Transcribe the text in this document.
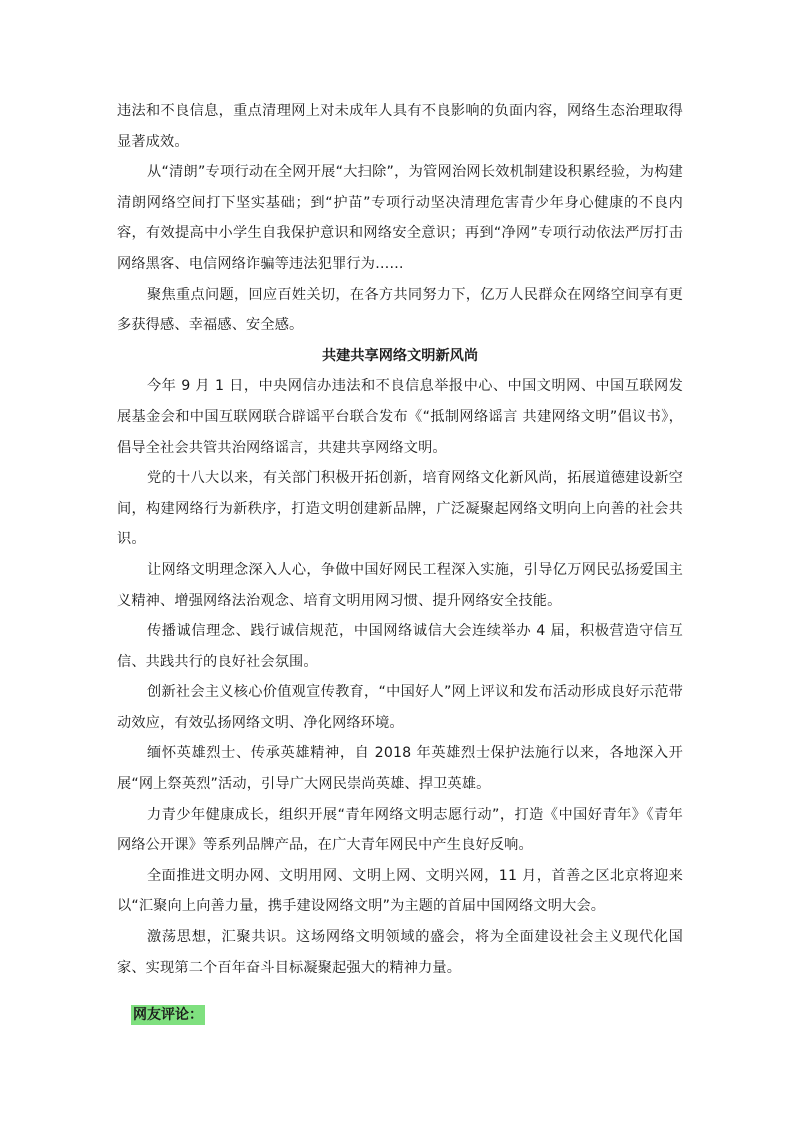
违法和不良信息，重点清理网上对未成年人具有不良影响的负面内容，网络生态治理取得显著成效。

从“清朗”专项行动在全网开展“大扫除”，为管网治网长效机制建设积累经验，为构建清朗网络空间打下坚实基础；到“护苗”专项行动坚决清理危害青少年身心健康的不良内容，有效提高中小学生自我保护意识和网络安全意识；再到“净网”专项行动依法严厉打击网络黑客、电信网络诈骗等违法犯罪行为……

聚焦重点问题，回应百姓关切，在各方共同努力下，亿万人民群众在网络空间享有更多获得感、幸福感、安全感。

共建共享网络文明新风尚

今年 9 月 1 日，中央网信办违法和不良信息举报中心、中国文明网、中国互联网发展基金会和中国互联网联合辟谣平台联合发布《“抵制网络谣言 共建网络文明”倡议书》，倡导全社会共管共治网络谣言，共建共享网络文明。

党的十八大以来，有关部门积极开拓创新，培育网络文化新风尚，拓展道德建设新空间，构建网络行为新秩序，打造文明创建新品牌，广泛凝聚起网络文明向上向善的社会共识。

让网络文明理念深入人心，争做中国好网民工程深入实施，引导亿万网民弘扬爱国主义精神、增强网络法治观念、培育文明用网习惯、提升网络安全技能。

传播诚信理念、践行诚信规范，中国网络诚信大会连续举办 4 届，积极营造守信互信、共践共行的良好社会氛围。

创新社会主义核心价值观宣传教育，“中国好人”网上评议和发布活动形成良好示范带动效应，有效弘扬网络文明、净化网络环境。

缅怀英雄烈士、传承英雄精神，自 2018 年英雄烈士保护法施行以来，各地深入开展“网上祭英烈”活动，引导广大网民崇尚英雄、捍卫英雄。

力青少年健康成长，组织开展“青年网络文明志愿行动”，打造《中国好青年》《青年网络公开课》等系列品牌产品，在广大青年网民中产生良好反响。

全面推进文明办网、文明用网、文明上网、文明兴网，11 月，首善之区北京将迎来以“汇聚向上向善力量，携手建设网络文明”为主题的首届中国网络文明大会。

激荡思想，汇聚共识。这场网络文明领域的盛会，将为全面建设社会主义现代化国家、实现第二个百年奋斗目标凝聚起强大的精神力量。

网友评论：
